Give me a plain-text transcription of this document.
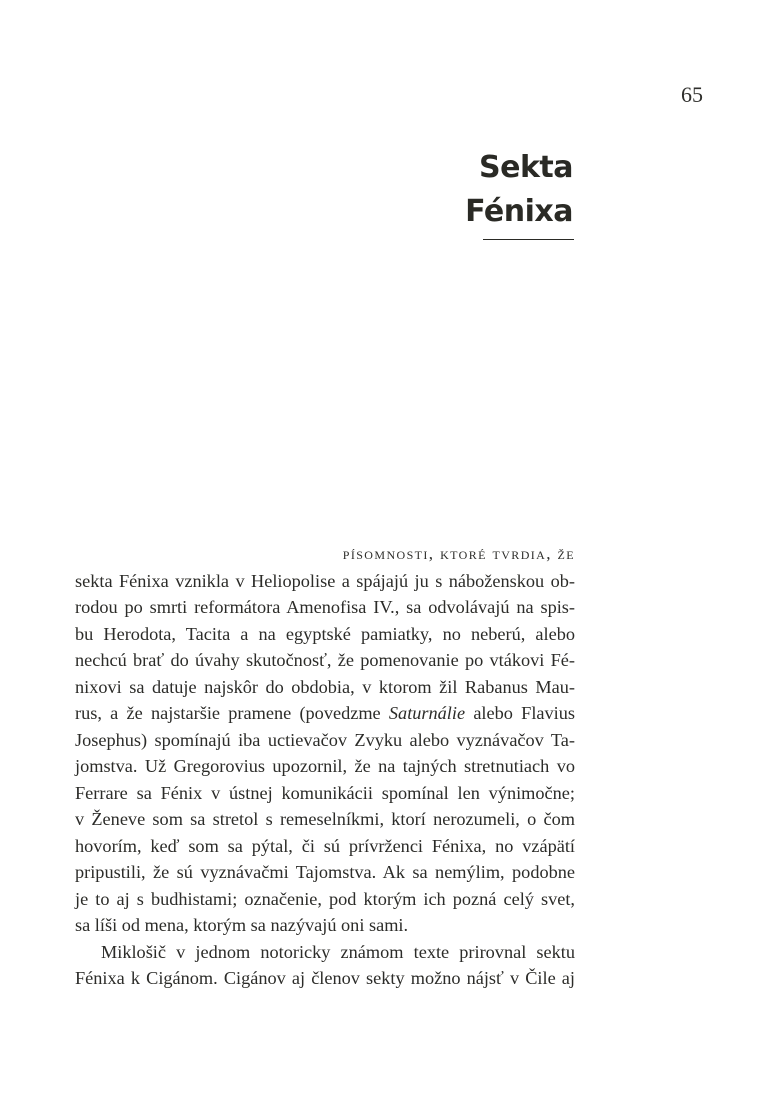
65
Sekta
Fénixa
písomnosti, ktoré tvrdia, že
sekta Fénixa vznikla v Heliopolise a spájajú ju s náboženskou ob-
rodou po smrti reformátora Amenofisa IV., sa odvolávajú na spis-
bu Herodota, Tacita a na egyptské pamiatky, no neberú, alebo
nechcú brať do úvahy skutočnosť, že pomenovanie po vtákovi Fé-
nixovi sa datuje najskôr do obdobia, v ktorom žil Rabanus Mau-
rus, a že najstaršie pramene (povedzme Saturnálie alebo Flavius
Josephus) spomínajú iba uctievačov Zvyku alebo vyznávačov Ta-
jomstva. Už Gregorovius upozornil, že na tajných stretnutiach vo
Ferrare sa Fénix v ústnej komunikácii spomínal len výnimočne;
v Ženeve som sa stretol s remeselníkmi, ktorí nerozumeli, o čom
hovorím, keď som sa pýtal, či sú prívrženci Fénixa, no vzápätí
pripustili, že sú vyznávačmi Tajomstva. Ak sa nemýlim, podobne
je to aj s budhistami; označenie, pod ktorým ich pozná celý svet,
sa líši od mena, ktorým sa nazývajú oni sami.
Miklošič v jednom notoricky známom texte prirovnal sektu
Fénixa k Cigánom. Cigánov aj členov sekty možno nájsť v Čile aj
